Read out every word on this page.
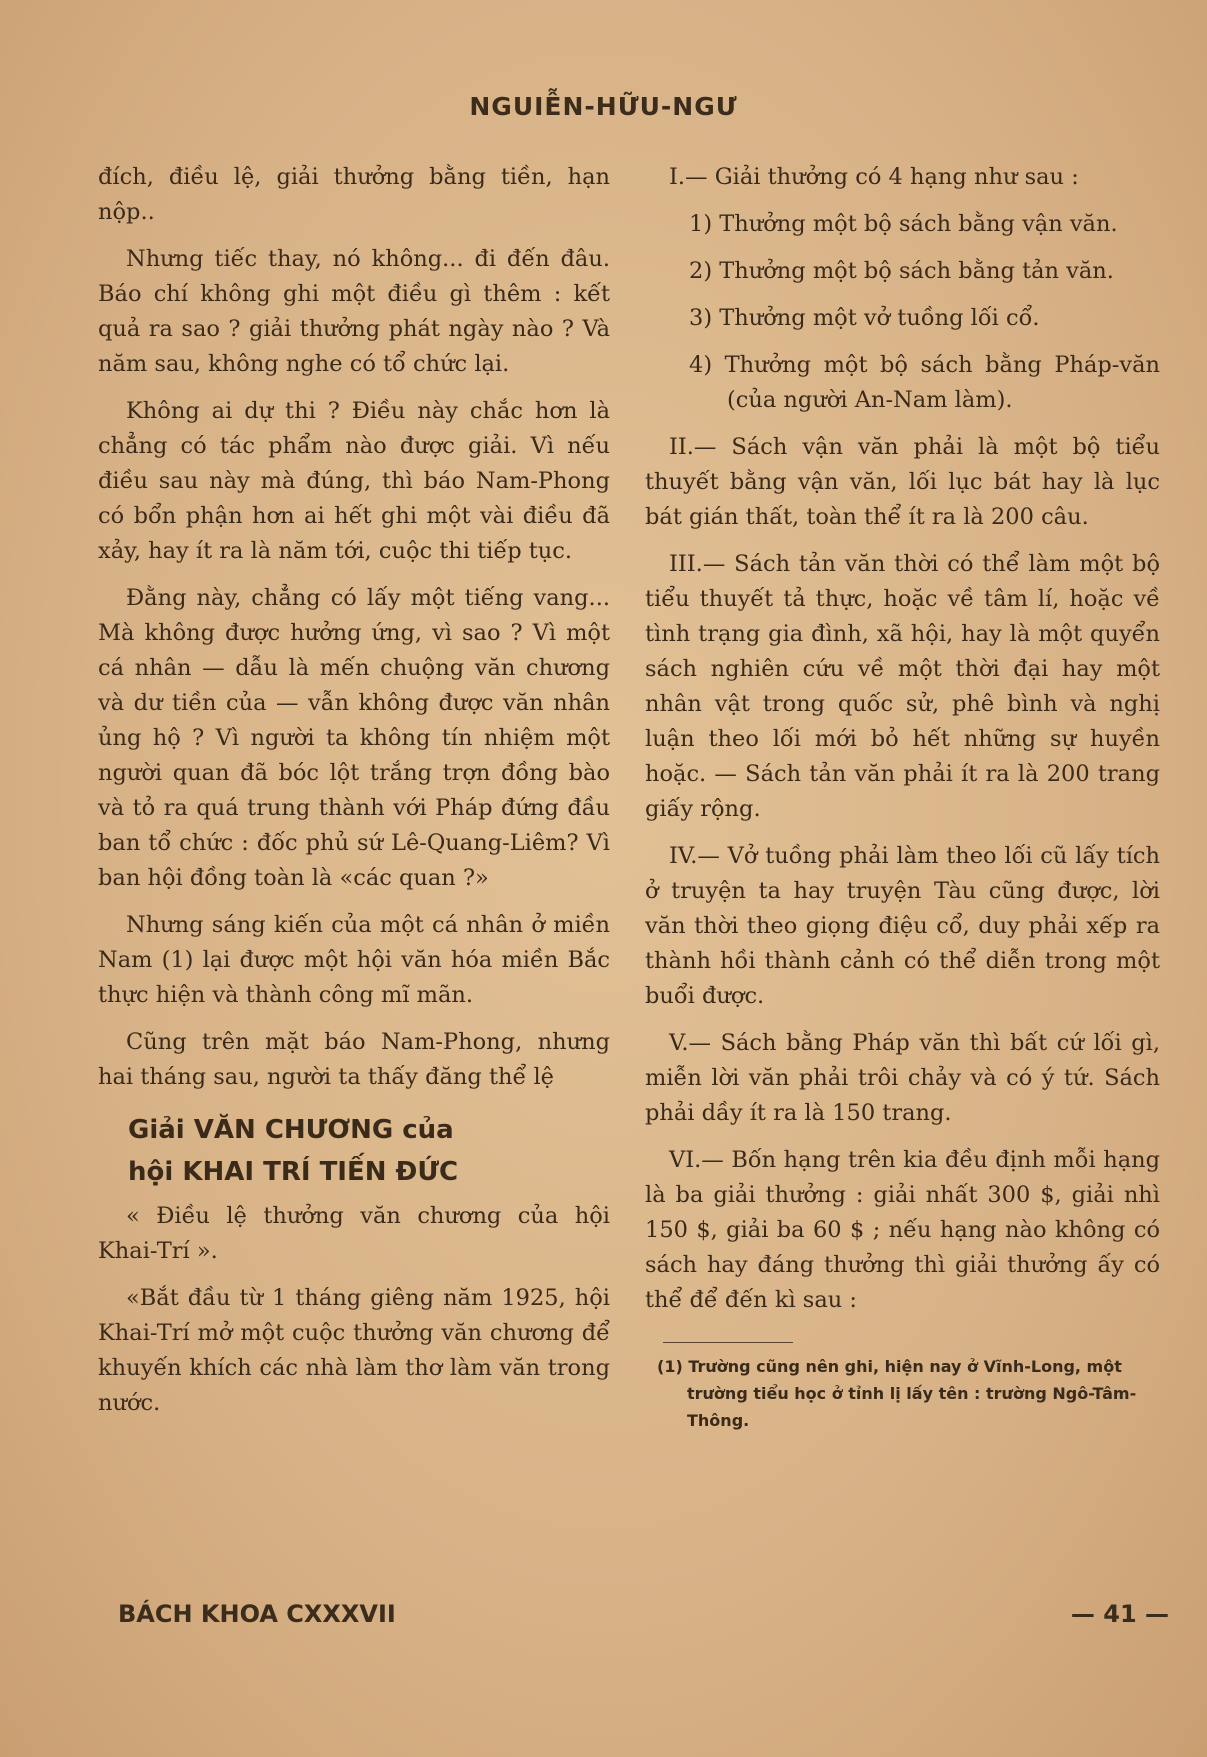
NGUIỄN-HỮU-NGƯ

đích, điều lệ, giải thưởng bằng tiền, hạn nộp..

Nhưng tiếc thay, nó không... đi đến đâu. Báo chí không ghi một điều gì thêm : kết quả ra sao ? giải thưởng phát ngày nào ? Và năm sau, không nghe có tổ chức lại.

Không ai dự thi ? Điều này chắc hơn là chẳng có tác phẩm nào được giải. Vì nếu điều sau này mà đúng, thì báo Nam-Phong có bổn phận hơn ai hết ghi một vài điều đã xảy, hay ít ra là năm tới, cuộc thi tiếp tục.

Đằng này, chẳng có lấy một tiếng vang... Mà không được hưởng ứng, vì sao ? Vì một cá nhân — dẫu là mến chuộng văn chương và dư tiền của — vẫn không được văn nhân ủng hộ ? Vì người ta không tín nhiệm một người quan đã bóc lột trắng trợn đồng bào và tỏ ra quá trung thành với Pháp đứng đầu ban tổ chức : đốc phủ sứ Lê-Quang-Liêm? Vì ban hội đồng toàn là «các quan ?»

Nhưng sáng kiến của một cá nhân ở miền Nam (1) lại được một hội văn hóa miền Bắc thực hiện và thành công mĩ mãn.

Cũng trên mặt báo Nam-Phong, nhưng hai tháng sau, người ta thấy đăng thể lệ

Giải VĂN CHƯƠNG của
hội KHAI TRÍ TIẾN ĐỨC

« Điều lệ thưởng văn chương của hội Khai-Trí ».

«Bắt đầu từ 1 tháng giêng năm 1925, hội Khai-Trí mở một cuộc thưởng văn chương để khuyến khích các nhà làm thơ làm văn trong nước.

I.— Giải thưởng có 4 hạng như sau :
1) Thưởng một bộ sách bằng vận văn.
2) Thưởng một bộ sách bằng tản văn.
3) Thưởng một vở tuồng lối cổ.
4) Thưởng một bộ sách bằng Pháp-văn (của người An-Nam làm).
II.— Sách vận văn phải là một bộ tiểu thuyết bằng vận văn, lối lục bát hay là lục bát gián thất, toàn thể ít ra là 200 câu.
III.— Sách tản văn thời có thể làm một bộ tiểu thuyết tả thực, hoặc về tâm lí, hoặc về tình trạng gia đình, xã hội, hay là một quyển sách nghiên cứu về một thời đại hay một nhân vật trong quốc sử, phê bình và nghị luận theo lối mới bỏ hết những sự huyền hoặc. — Sách tản văn phải ít ra là 200 trang giấy rộng.
IV.— Vở tuồng phải làm theo lối cũ lấy tích ở truyện ta hay truyện Tàu cũng được, lời văn thời theo giọng điệu cổ, duy phải xếp ra thành hồi thành cảnh có thể diễn trong một buổi được.
V.— Sách bằng Pháp văn thì bất cứ lối gì, miễn lời văn phải trôi chảy và có ý tứ. Sách phải dầy ít ra là 150 trang.
VI.— Bốn hạng trên kia đều định mỗi hạng là ba giải thưởng : giải nhất 300 $, giải nhì 150 $, giải ba 60 $ ; nếu hạng nào không có sách hay đáng thưởng thì giải thưởng ấy có thể để đến kì sau :
(1) Trường cũng nên ghi, hiện nay ở Vĩnh-Long, một trường tiểu học ở tỉnh lị lấy tên : trường Ngô-Tâm-Thông.
BÁCH KHOA CXXXVII	— 41 —
